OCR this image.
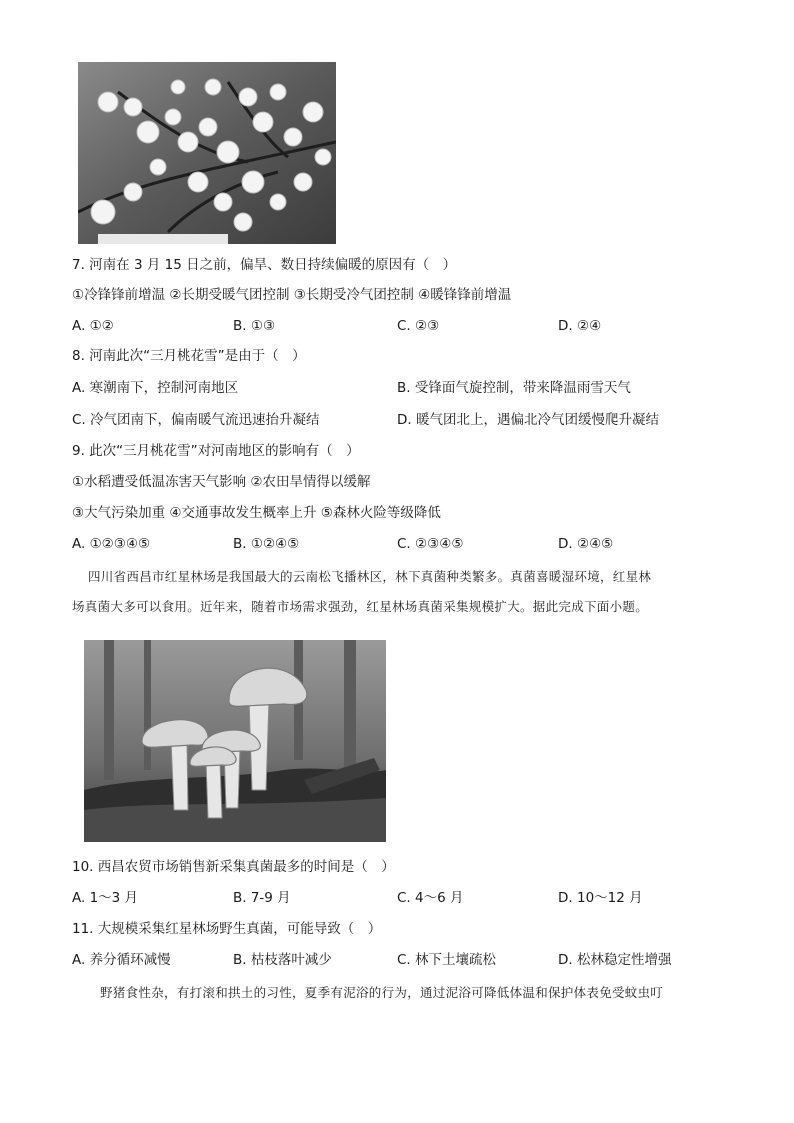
7. 河南在 3 月 15 日之前，偏旱、数日持续偏暖的原因有（　）
①冷锋锋前增温 ②长期受暖气团控制 ③长期受冷气团控制 ④暖锋锋前增温
A. ①②	B. ①③	C. ②③	D. ②④
8. 河南此次“三月桃花雪”是由于（　）
A. 寒潮南下，控制河南地区	B. 受锋面气旋控制，带来降温雨雪天气
C. 冷气团南下，偏南暖气流迅速抬升凝结	D. 暖气团北上，遇偏北冷气团缓慢爬升凝结
9. 此次“三月桃花雪”对河南地区的影响有（　）
①水稻遭受低温冻害天气影响 ②农田旱情得以缓解
③大气污染加重 ④交通事故发生概率上升 ⑤森林火险等级降低
A. ①②③④⑤	B. ①②④⑤	C. ②③④⑤	D. ②④⑤
四川省西昌市红星林场是我国最大的云南松飞播林区，林下真菌种类繁多。真菌喜暖湿环境，红星林
场真菌大多可以食用。近年来，随着市场需求强劲，红星林场真菌采集规模扩大。据此完成下面小题。
10. 西昌农贸市场销售新采集真菌最多的时间是（　）
A. 1～3 月	B. 7-9 月	C. 4～6 月	D. 10～12 月
11. 大规模采集红星林场野生真菌，可能导致（　）
A. 养分循环减慢	B. 枯枝落叶减少	C. 林下土壤疏松	D. 松林稳定性增强
野猪食性杂，有打滚和拱土的习性，夏季有泥浴的行为，通过泥浴可降低体温和保护体表免受蚊虫叮
